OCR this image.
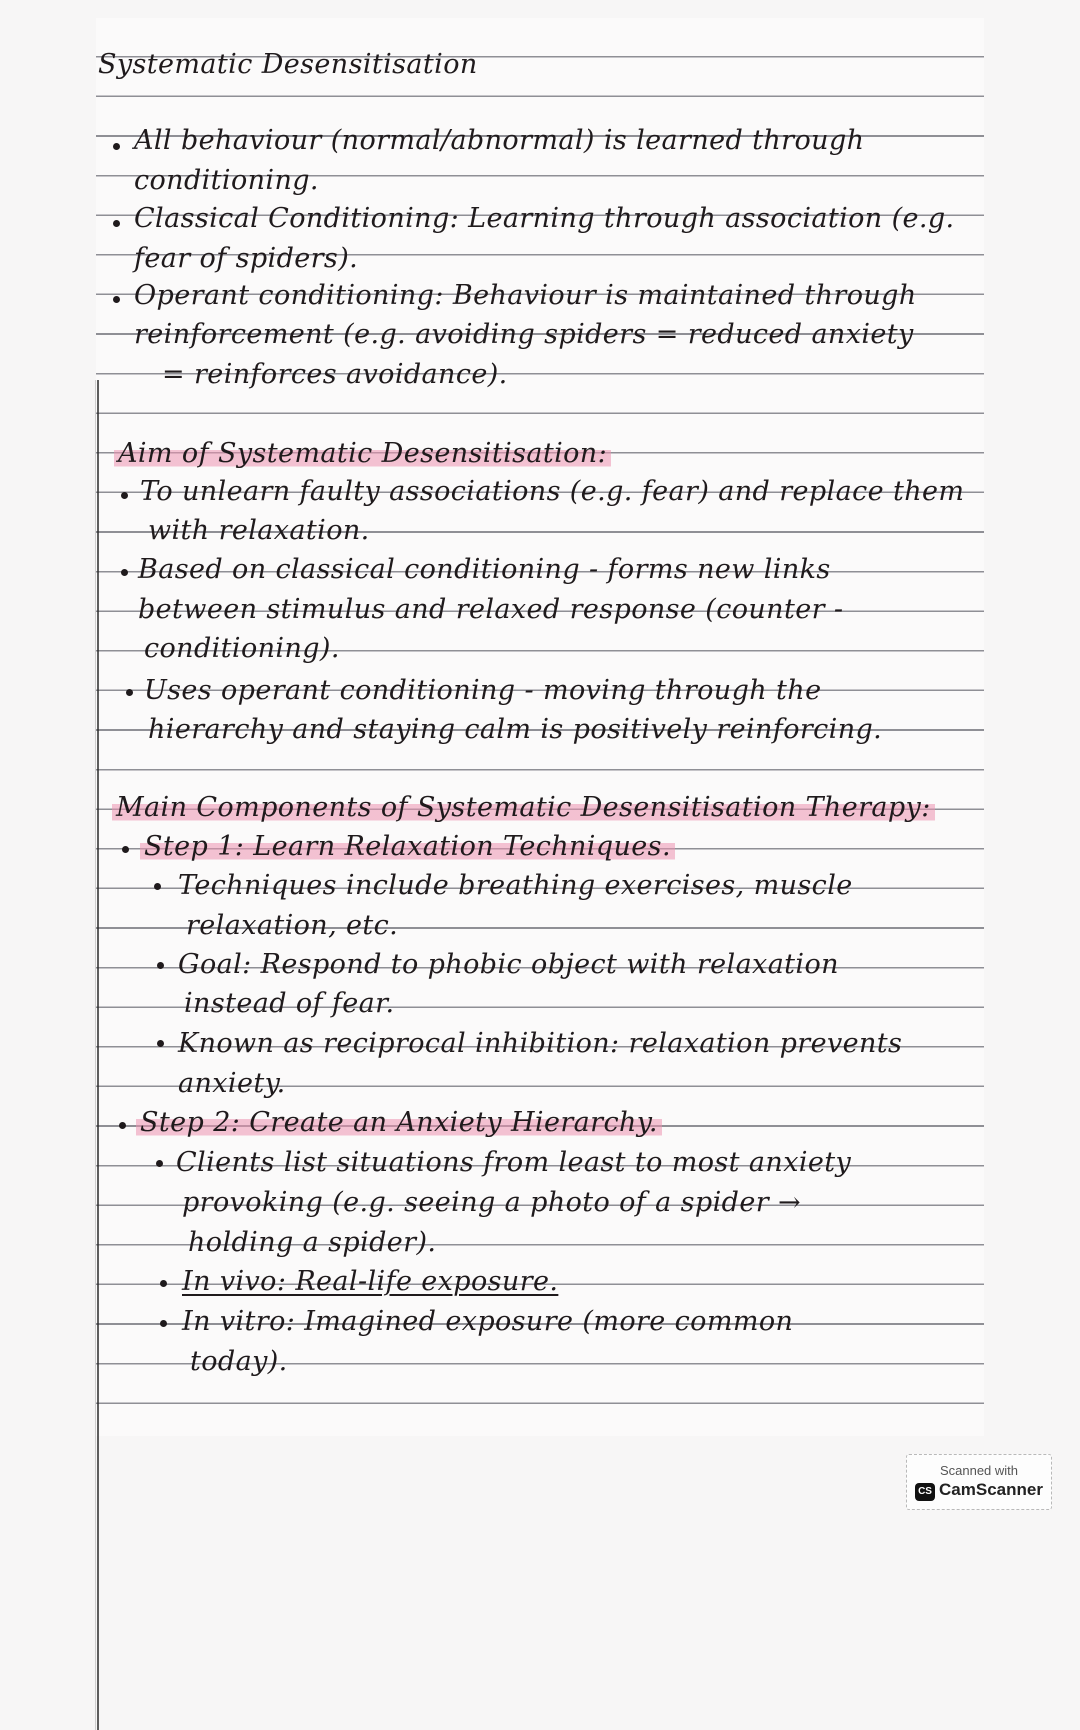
Systematic Desensitisation
All behaviour (normal/abnormal) is learned through
conditioning.
Classical Conditioning: Learning through association (e.g.
fear of spiders).
Operant conditioning: Behaviour is maintained through
reinforcement (e.g. avoiding spiders = reduced anxiety
= reinforces avoidance).
Aim of Systematic Desensitisation:
To unlearn faulty associations (e.g. fear) and replace them
with relaxation.
Based on classical conditioning - forms new links
between stimulus and relaxed response (counter -
conditioning).
Uses operant conditioning - moving through the
hierarchy and staying calm is positively reinforcing.
Main Components of Systematic Desensitisation Therapy:
Step 1: Learn Relaxation Techniques.
Techniques include breathing exercises, muscle
relaxation, etc.
Goal: Respond to phobic object with relaxation
instead of fear.
Known as reciprocal inhibition: relaxation prevents
anxiety.
Step 2: Create an Anxiety Hierarchy.
Clients list situations from least to most anxiety
provoking (e.g. seeing a photo of a spider →
holding a spider).
In vivo: Real-life exposure.
In vitro: Imagined exposure (more common
today).
Scanned with
CS CamScanner
